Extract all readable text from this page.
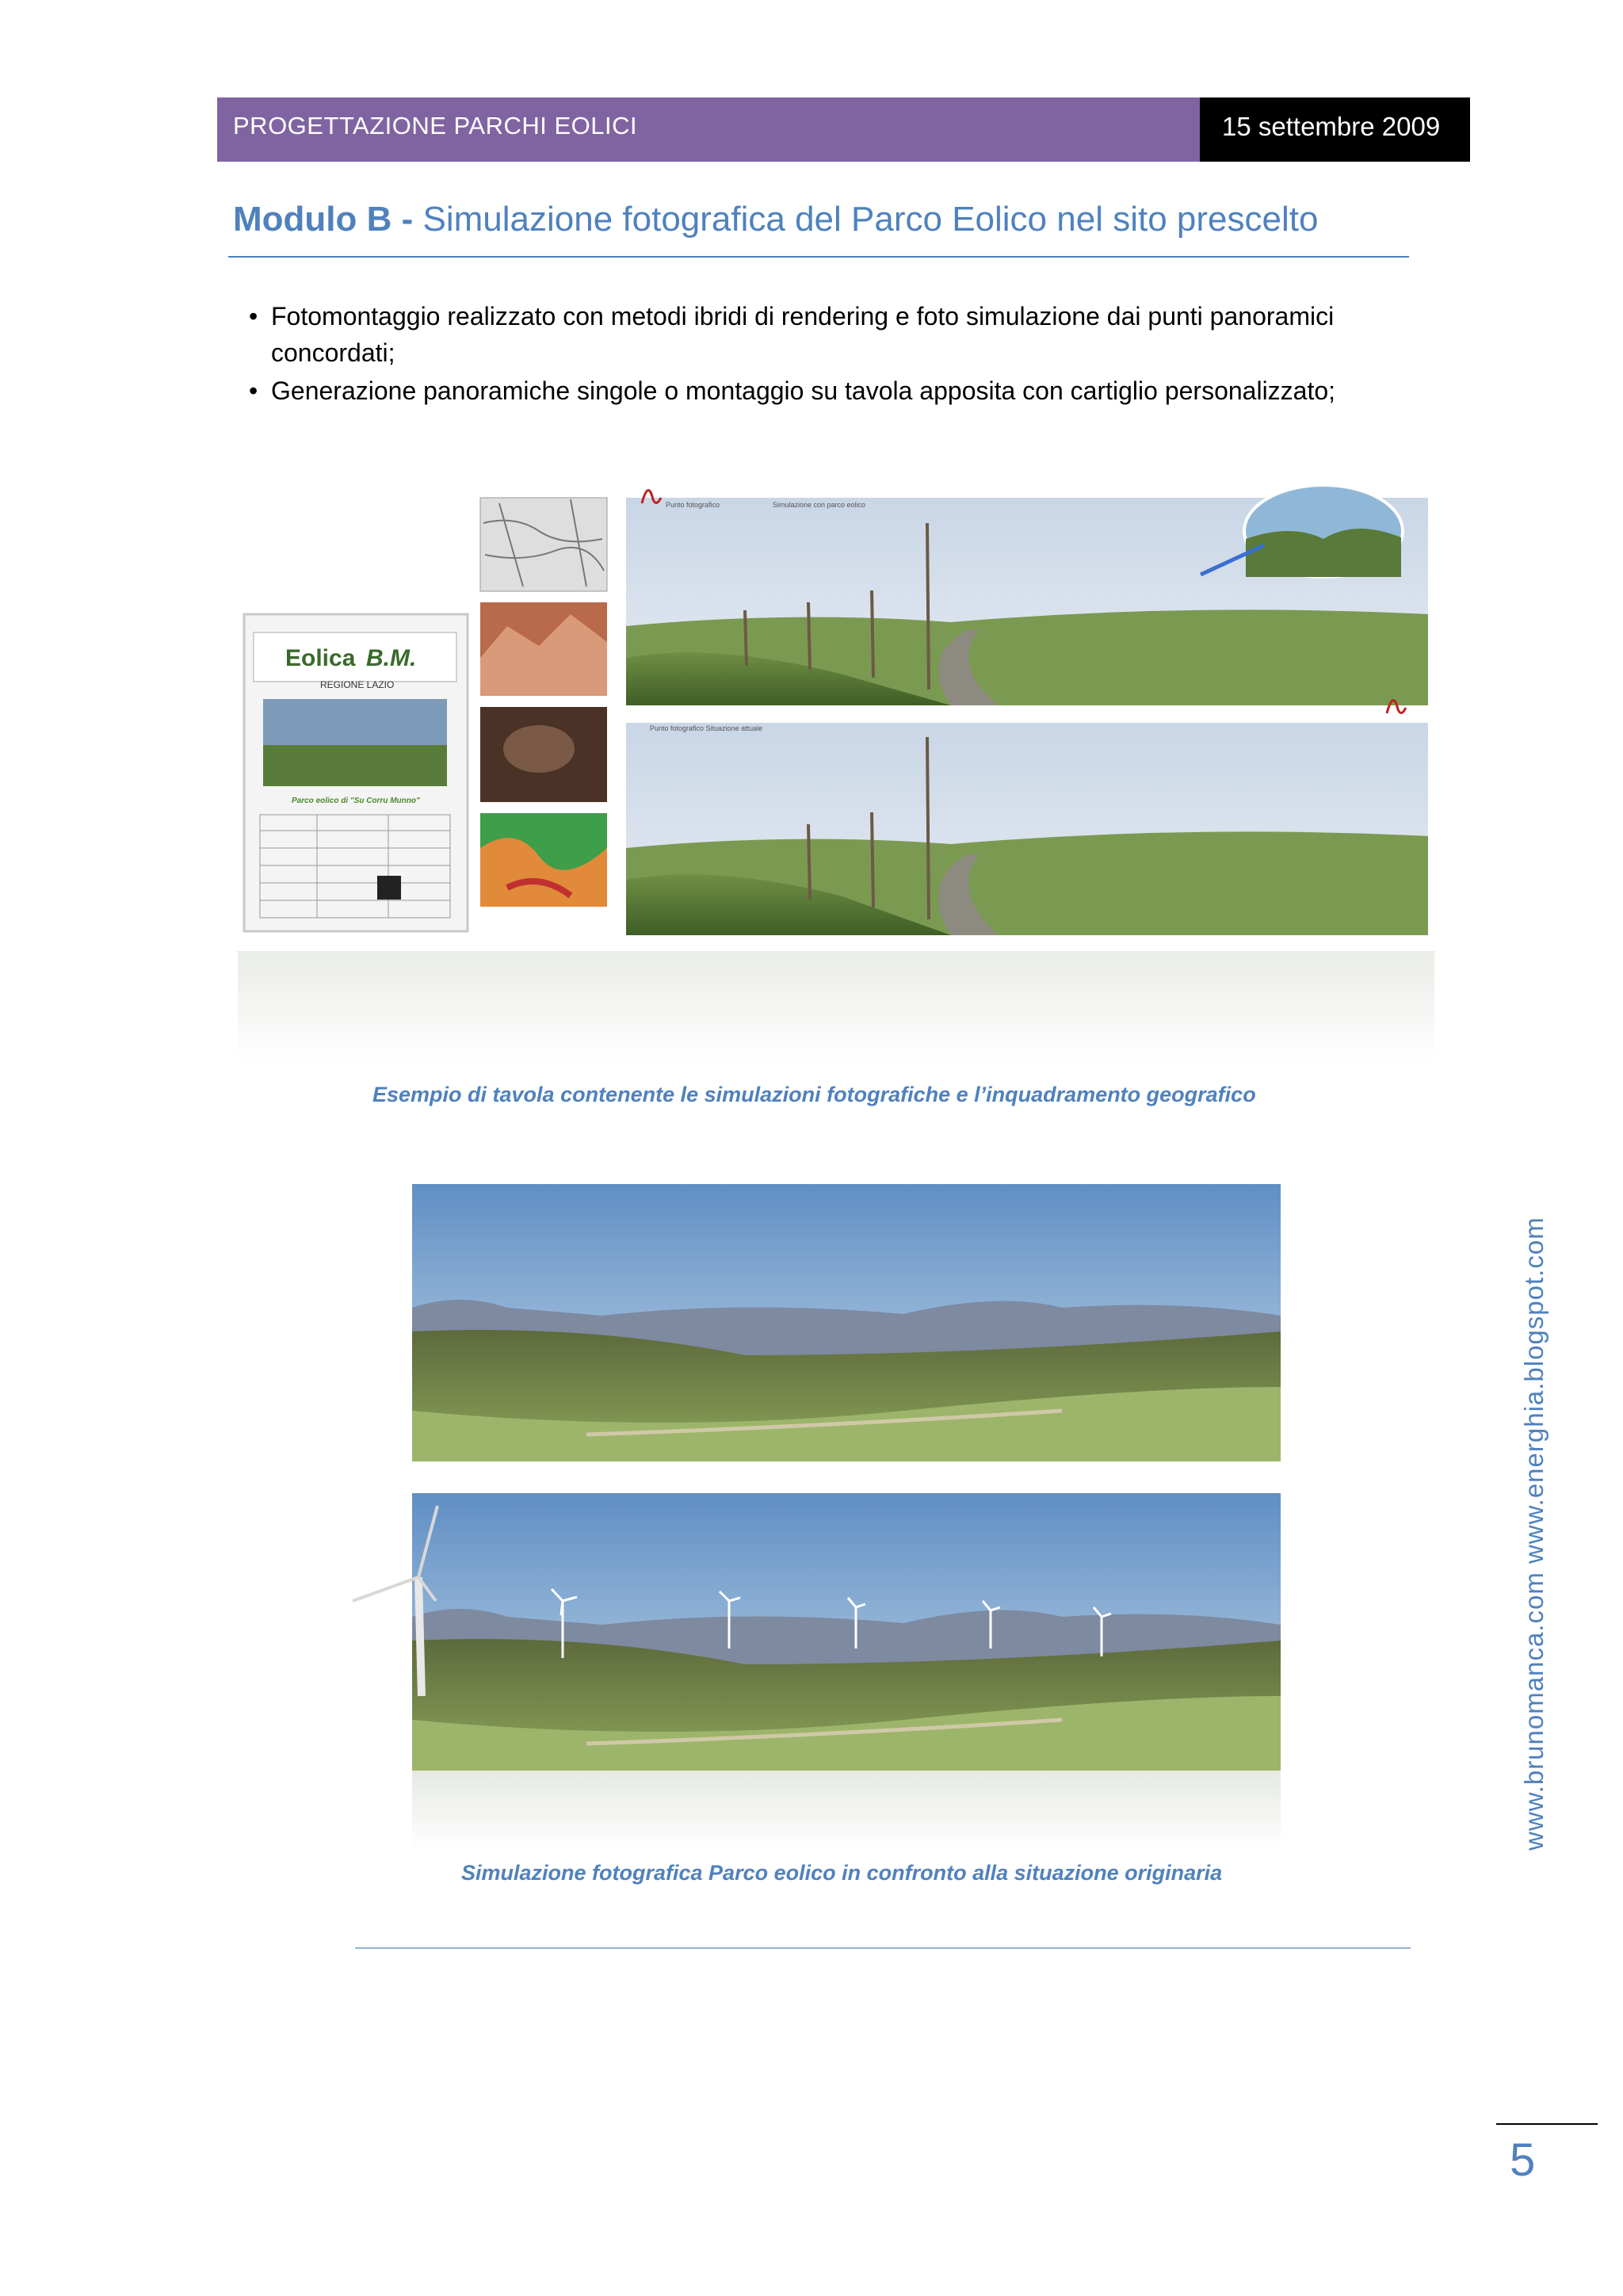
PROGETTAZIONE PARCHI EOLICI	15 settembre 2009
Modulo B - Simulazione fotografica del Parco Eolico nel sito prescelto
• Fotomontaggio realizzato con metodi ibridi di rendering e foto simulazione dai punti panoramici
concordati;
• Generazione panoramiche singole o montaggio su tavola apposita con cartiglio personalizzato;
Eolica B.M.
REGIONE LAZIO
Parco eolico di "Su Corru Munno"
Punto fotografico	Simulazione con parco eolico
Punto fotografico Situazione attuale
Esempio di tavola contenente le simulazioni fotografiche e l’inquadramento geografico
Simulazione fotografica Parco eolico in confronto alla situazione originaria
www.brunomanca.com www.energhia.blogspot.com
5
